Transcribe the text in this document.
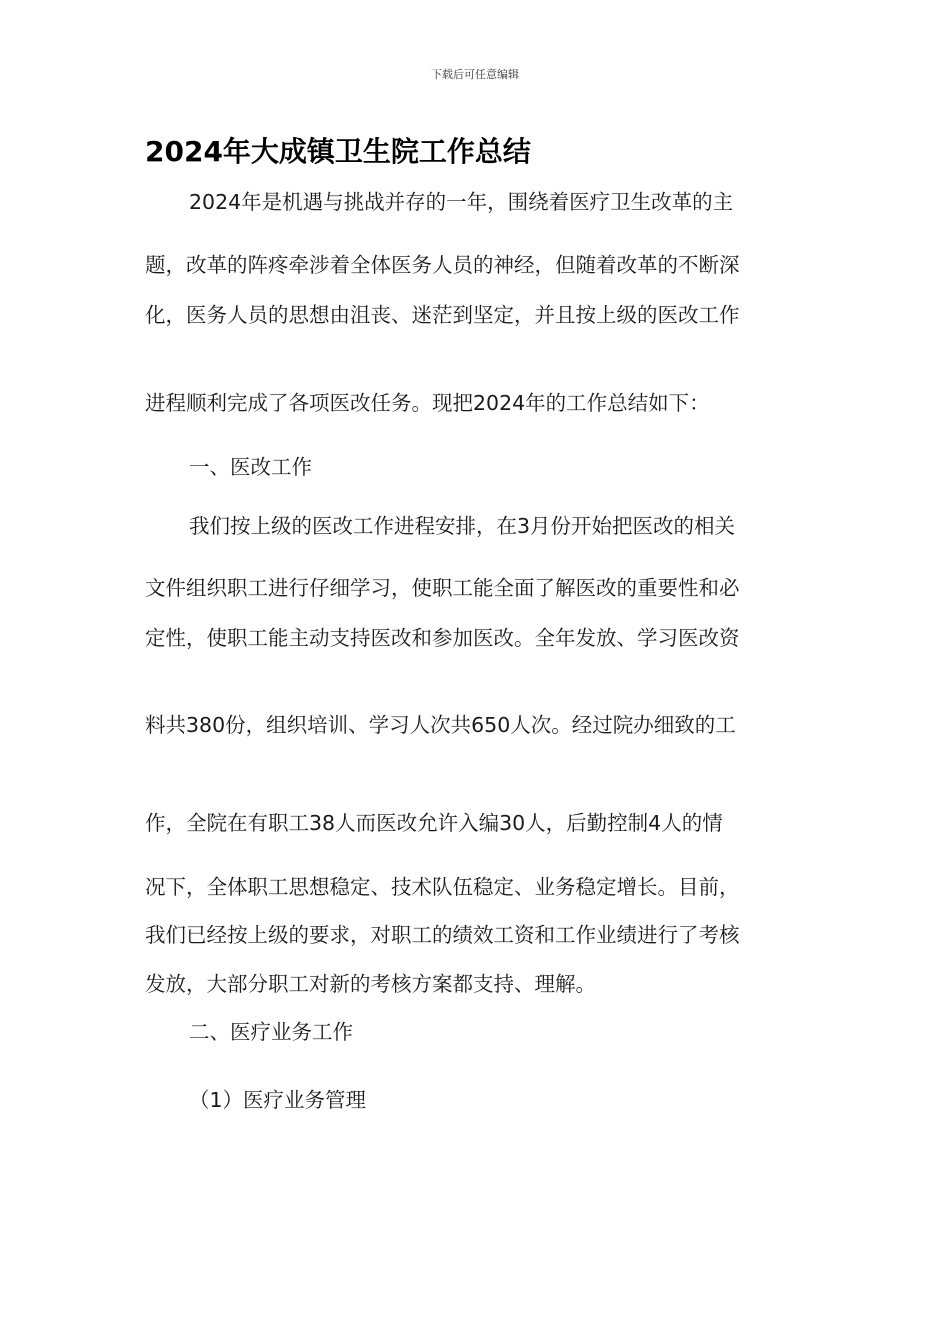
下载后可任意编辑
2024年大成镇卫生院工作总结
2024年是机遇与挑战并存的一年，围绕着医疗卫生改革的主
题，改革的阵疼牵涉着全体医务人员的神经，但随着改革的不断深
化，医务人员的思想由沮丧、迷茫到坚定，并且按上级的医改工作
进程顺利完成了各项医改任务。现把2024年的工作总结如下：
一、医改工作
我们按上级的医改工作进程安排，在3月份开始把医改的相关
文件组织职工进行仔细学习，使职工能全面了解医改的重要性和必
定性，使职工能主动支持医改和参加医改。全年发放、学习医改资
料共380份，组织培训、学习人次共650人次。经过院办细致的工
作，全院在有职工38人而医改允许入编30人，后勤控制4人的情
况下，全体职工思想稳定、技术队伍稳定、业务稳定增长。目前，
我们已经按上级的要求，对职工的绩效工资和工作业绩进行了考核
发放，大部分职工对新的考核方案都支持、理解。
二、医疗业务工作
（1）医疗业务管理
